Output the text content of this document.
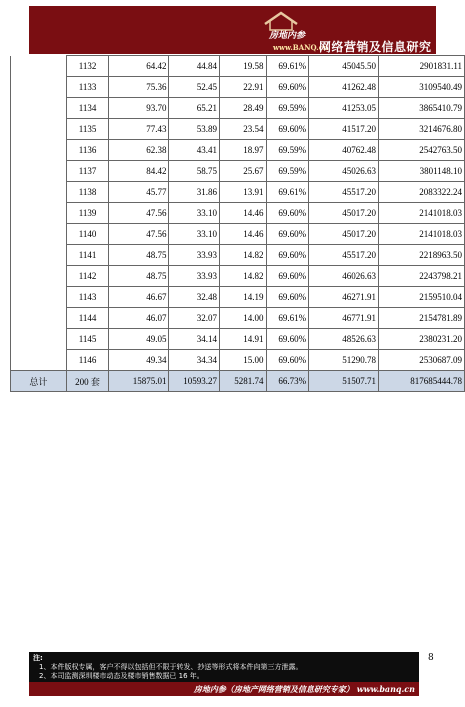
房地内参
www.BANQ.cn
网络营销及信息研究专家
	1132	64.42	44.84	19.58	69.61%	45045.50	2901831.11
	1133	75.36	52.45	22.91	69.60%	41262.48	3109540.49
	1134	93.70	65.21	28.49	69.59%	41253.05	3865410.79
	1135	77.43	53.89	23.54	69.60%	41517.20	3214676.80
	1136	62.38	43.41	18.97	69.59%	40762.48	2542763.50
	1137	84.42	58.75	25.67	69.59%	45026.63	3801148.10
	1138	45.77	31.86	13.91	69.61%	45517.20	2083322.24
	1139	47.56	33.10	14.46	69.60%	45017.20	2141018.03
	1140	47.56	33.10	14.46	69.60%	45017.20	2141018.03
	1141	48.75	33.93	14.82	69.60%	45517.20	2218963.50
	1142	48.75	33.93	14.82	69.60%	46026.63	2243798.21
	1143	46.67	32.48	14.19	69.60%	46271.91	2159510.04
	1144	46.07	32.07	14.00	69.61%	46771.91	2154781.89
	1145	49.05	34.14	14.91	69.60%	48526.63	2380231.20
	1146	49.34	34.34	15.00	69.60%	51290.78	2530687.09
总计	200 套	15875.01	10593.27	5281.74	66.73%	51507.71	817685444.78
8
注:
1、本件版权专属，客户不得以包括但不限于转发、抄送等形式将本件向第三方泄露。
2、本司监测深圳楼市动态及楼市销售数据已 16 年。
房地内参（房地产网络营销及信息研究专家） www.banq.cn
